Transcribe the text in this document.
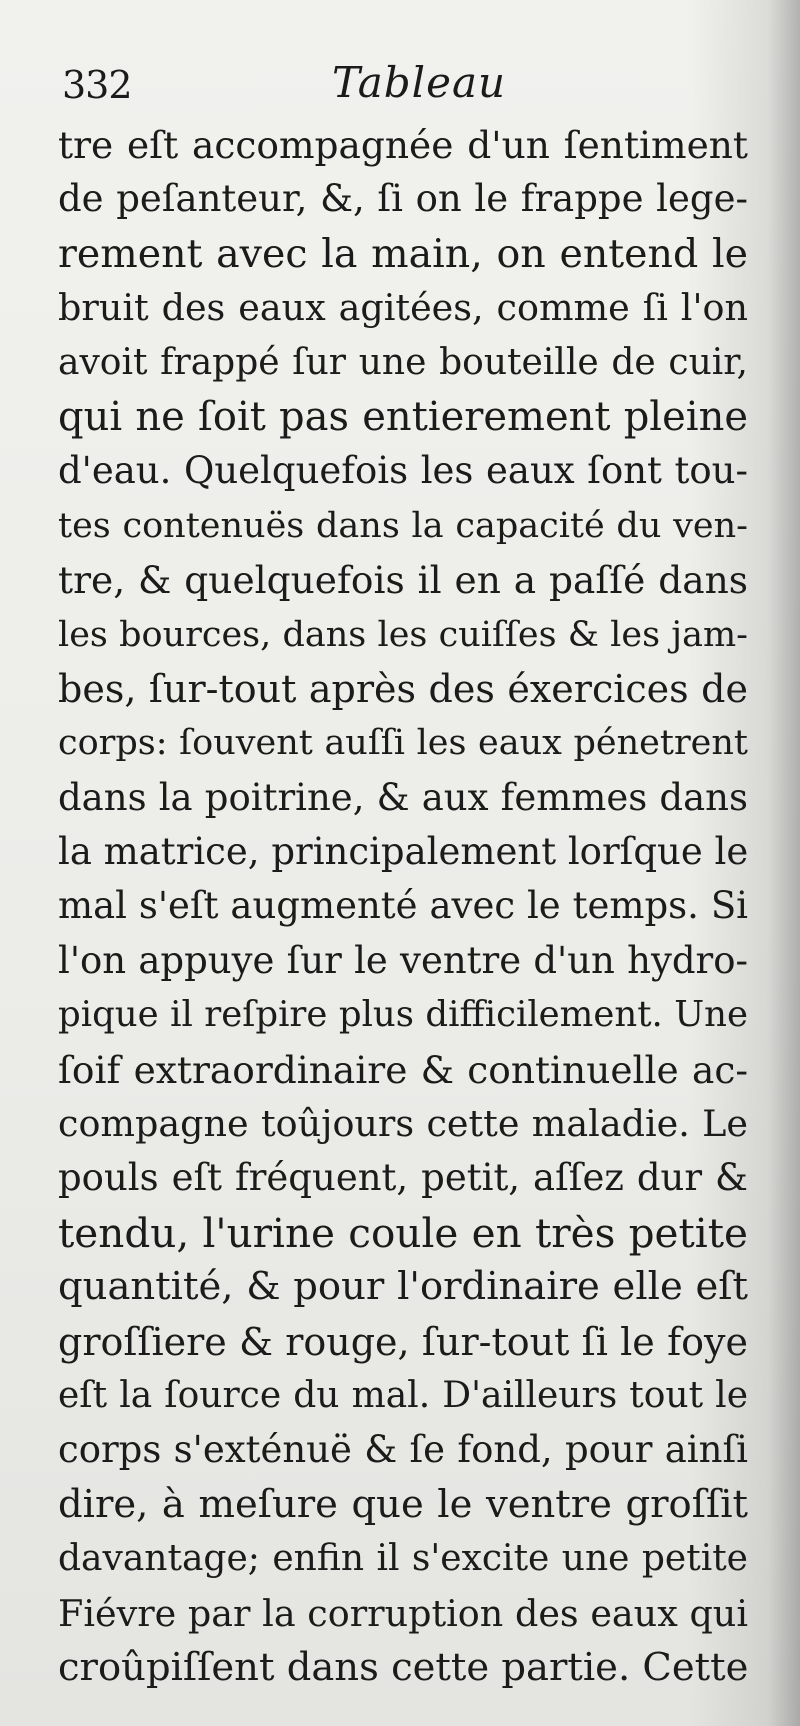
332	Tableau
tre eſt accompagnée d'un ſentiment
de peſanteur, &, ſi on le frappe lege-
rement avec la main, on entend le
bruit des eaux agitées, comme ſi l'on
avoit frappé ſur une bouteille de cuir,
qui ne ſoit pas entierement pleine
d'eau. Quelquefois les eaux ſont tou-
tes contenuës dans la capacité du ven-
tre, & quelquefois il en a paſſé dans
les bources, dans les cuiſſes & les jam-
bes, ſur-tout après des éxercices de
corps: ſouvent auſſi les eaux pénetrent
dans la poitrine, & aux femmes dans
la matrice, principalement lorſque le
mal s'eſt augmenté avec le temps. Si
l'on appuye ſur le ventre d'un hydro-
pique il reſpire plus difficilement. Une
ſoif extraordinaire & continuelle ac-
compagne toûjours cette maladie. Le
pouls eſt fréquent, petit, aſſez dur &
tendu, l'urine coule en très petite
quantité, & pour l'ordinaire elle eſt
groſſiere & rouge, ſur-tout ſi le foye
eſt la ſource du mal. D'ailleurs tout le
corps s'exténuë & ſe fond, pour ainſi
dire, à meſure que le ventre groſſit
davantage; enfin il s'excite une petite
Fiévre par la corruption des eaux qui
croûpiſſent dans cette partie. Cette
